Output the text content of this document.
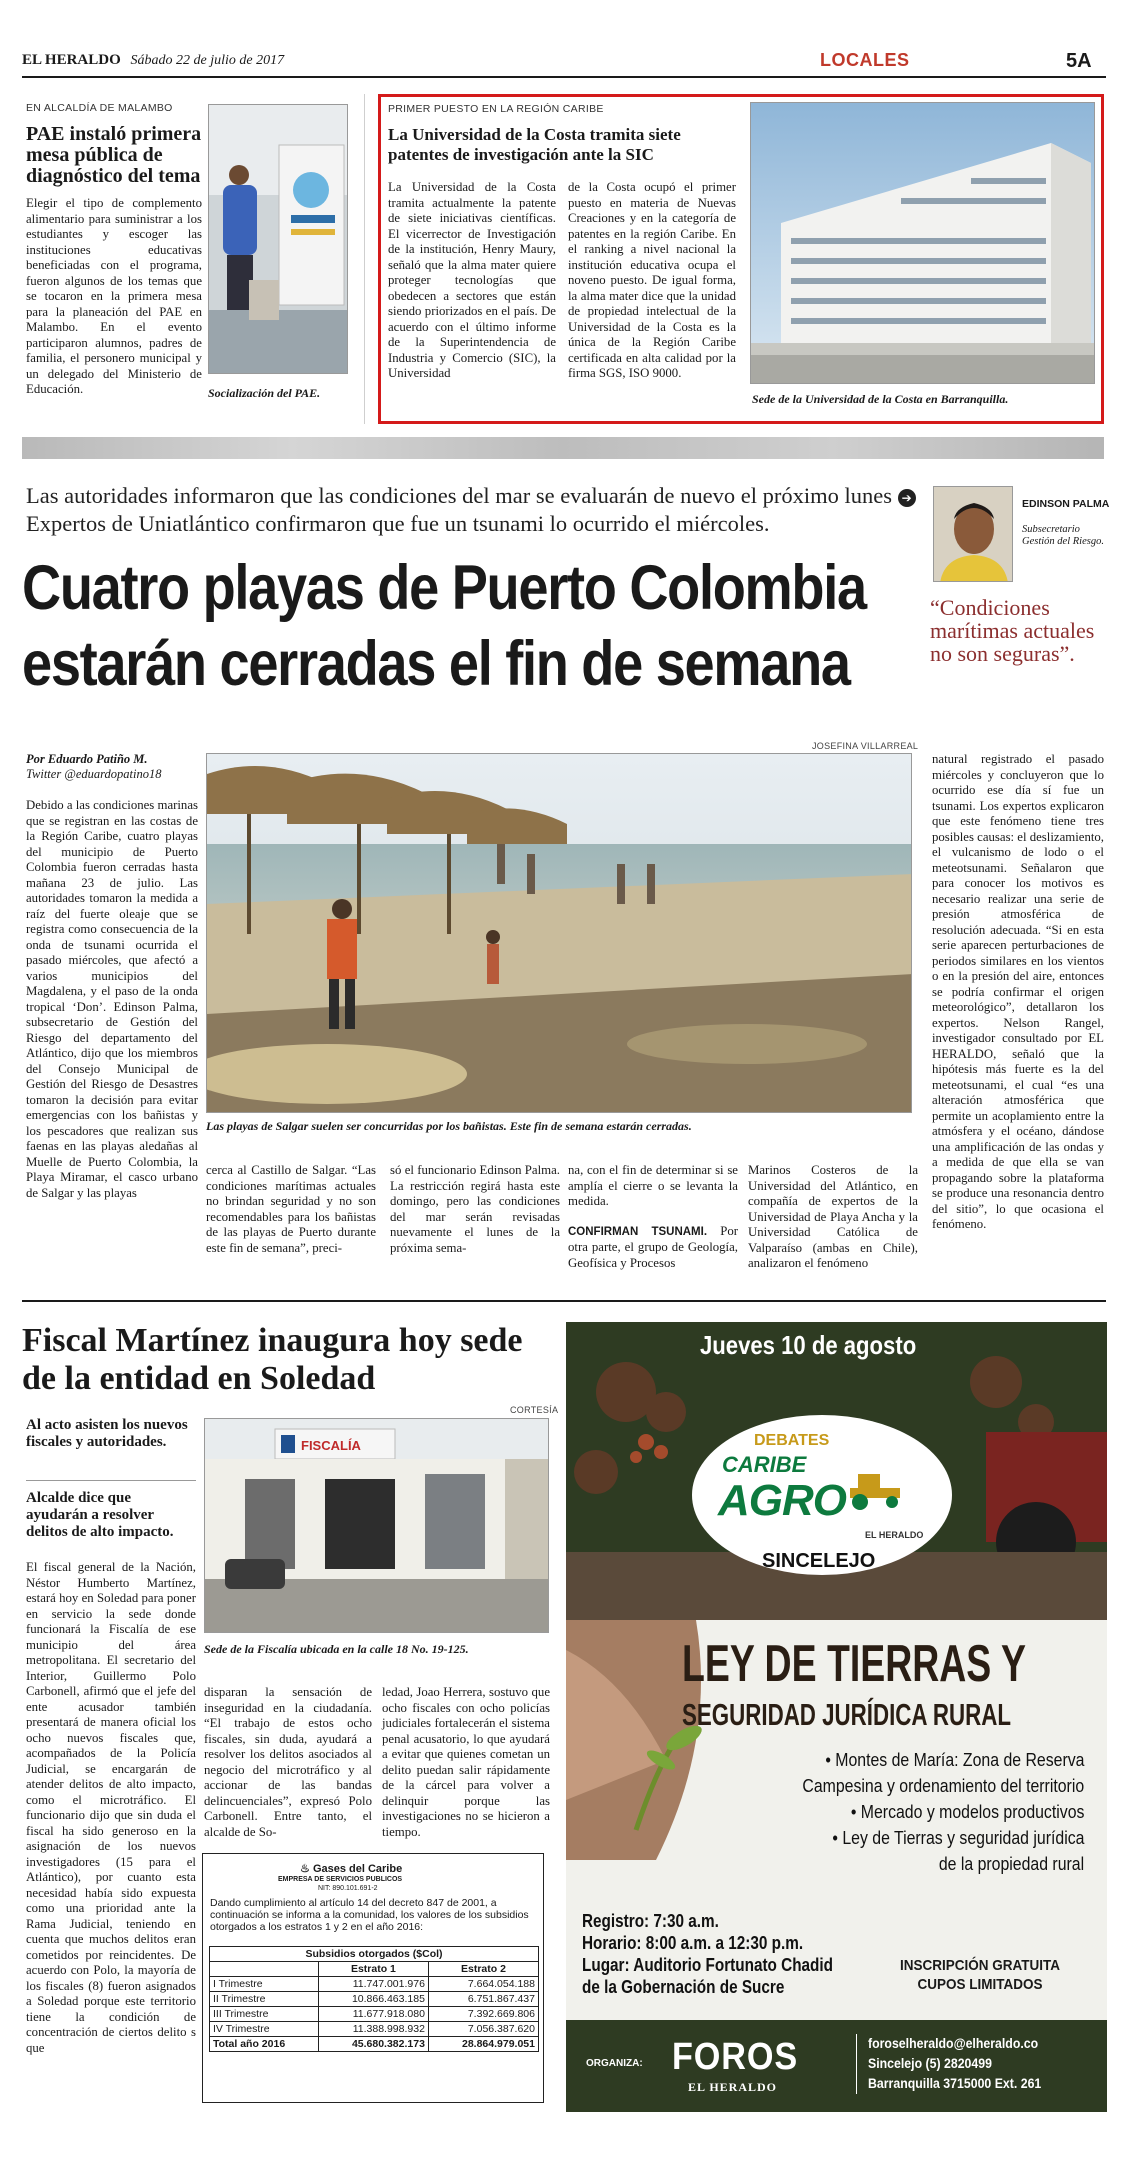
EL HERALDO Sábado 22 de julio de 2017	LOCALES	5A
EN ALCALDÍA DE MALAMBO
PAE instaló primera mesa pública de diagnóstico del tema
Elegir el tipo de complemento alimentario para suministrar a los estudiantes y escoger las instituciones educativas beneficiadas con el programa, fueron algunos de los temas que se tocaron en la primera mesa para la planeación del PAE en Malambo. En el evento participaron alumnos, padres de familia, el personero municipal y un delegado del Ministerio de Educación.	Socialización del PAE.
PRIMER PUESTO EN LA REGIÓN CARIBE
La Universidad de la Costa tramita siete patentes de investigación ante la SIC
La Universidad de la Costa tramita actualmente la patente de siete iniciativas científicas. El vicerrector de Investigación de la institución, Henry Maury, señaló que la alma mater quiere proteger tecnologías que obedecen a sectores que están siendo priorizados en el país. De acuerdo con el último informe de la Superintendencia de Industria y Comercio (SIC), la Universidad
de la Costa ocupó el primer puesto en materia de Nuevas Creaciones y en la categoría de patentes en la región Caribe. En el ranking a nivel nacional la institución educativa ocupa el noveno puesto. De igual forma, la alma mater dice que la unidad de propiedad intelectual de la Universidad de la Costa es la única de la Región Caribe certificada en alta calidad por la firma SGS, ISO 9000.
Sede de la Universidad de la Costa en Barranquilla.
Las autoridades informaron que las condiciones del mar se evaluarán de nuevo el próximo lunes ➔ Expertos de Uniatlántico confirmaron que fue un tsunami lo ocurrido el miércoles.
Cuatro playas de Puerto Colombia
estarán cerradas el fin de semana
EDINSON PALMA
Subsecretario Gestión del Riesgo.
“Condiciones marítimas actuales no son seguras”.
Por Eduardo Patiño M.
Twitter @eduardopatino18
Debido a las condiciones marinas que se registran en las costas de la Región Caribe, cuatro playas del municipio de Puerto Colombia fueron cerradas hasta mañana 23 de julio. Las autoridades tomaron la medida a raíz del fuerte oleaje que se registra como consecuencia de la onda de tsunami ocurrida el pasado miércoles, que afectó a varios municipios del Magdalena, y el paso de la onda tropical ‘Don’. Edinson Palma, subsecretario de Gestión del Riesgo del departamento del Atlántico, dijo que los miembros del Consejo Municipal de Gestión del Riesgo de Desastres tomaron la decisión para evitar emergencias con los bañistas y los pescadores que realizan sus faenas en las playas aledañas al Muelle de Puerto Colombia, la Playa Miramar, el casco urbano de Salgar y las playas
JOSEFINA VILLARREAL
Las playas de Salgar suelen ser concurridas por los bañistas. Este fin de semana estarán cerradas.
cerca al Castillo de Salgar. “Las condiciones marítimas actuales no brindan seguridad y no son recomendables para los bañistas de las playas de Puerto durante este fin de semana”, preci-
só el funcionario Edinson Palma. La restricción regirá hasta este domingo, pero las condiciones del mar serán revisadas nuevamente el lunes de la próxima sema-

na, con el fin de determinar si se amplía el cierre o se levanta la medida.

CONFIRMAN TSUNAMI. Por otra parte, el grupo de Geología, Geofísica y Procesos

Marinos Costeros de la Universidad del Atlántico, en compañía de expertos de la Universidad de Playa Ancha y la Universidad Católica de Valparaíso (ambas en Chile), analizaron el fenómeno
natural registrado el pasado miércoles y concluyeron que lo ocurrido ese día sí fue un tsunami. Los expertos explicaron que este fenómeno tiene tres posibles causas: el deslizamiento, el vulcanismo de lodo o el meteotsunami. Señalaron que para conocer los motivos es necesario realizar una serie de presión atmosférica de resolución adecuada. “Si en esta serie aparecen perturbaciones de periodos similares en los vientos o en la presión del aire, entonces se podría confirmar el origen meteorológico”, detallaron los expertos. Nelson Rangel, investigador consultado por EL HERALDO, señaló que la hipótesis más fuerte es la del meteotsunami, el cual “es una alteración atmosférica que permite un acoplamiento entre la atmósfera y el océano, dándose una amplificación de las ondas y a medida de que ella se van propagando sobre la plataforma se produce una resonancia dentro del sitio”, lo que ocasiona el fenómeno.
Fiscal Martínez inaugura hoy sede de la entidad en Soledad
Al acto asisten los nuevos fiscales y autoridades.
Alcalde dice que ayudarán a resolver delitos de alto impacto.
El fiscal general de la Nación, Néstor Humberto Martínez, estará hoy en Soledad para poner en servicio la sede donde funcionará la Fiscalía de ese municipio del área metropolitana. El secretario del Interior, Guillermo Polo Carbonell, afirmó que el jefe del ente acusador también presentará de manera oficial los ocho nuevos fiscales que, acompañados de la Policía Judicial, se encargarán de atender delitos de alto impacto, como el microtráfico. El funcionario dijo que sin duda el fiscal ha sido generoso en la asignación de los nuevos investigadores (15 para el Atlántico), por cuanto esta necesidad había sido expuesta como una prioridad ante la Rama Judicial, teniendo en cuenta que muchos delitos eran cometidos por reincidentes. De acuerdo con Polo, la mayoría de los fiscales (8) fueron asignados a Soledad porque este territorio tiene la condición de concentración de ciertos delito s que
CORTESÍA
FISCALÍA
Sede de la Fiscalía ubicada en la calle 18 No. 19-125.
disparan la sensación de inseguridad en la ciudadanía. “El trabajo de estos ocho fiscales, sin duda, ayudará a resolver los delitos asociados al negocio del microtráfico y al accionar de las bandas delincuenciales”, expresó Polo Carbonell. Entre tanto, el alcalde de So-
ledad, Joao Herrera, sostuvo que ocho fiscales con ocho policías judiciales fortalecerán el sistema penal acusatorio, lo que ayudará a evitar que quienes cometan un delito puedan salir rápidamente de la cárcel para volver a delinquir porque las investigaciones no se hicieron a tiempo.
♨ Gases del Caribe
EMPRESA DE SERVICIOS PUBLICOS
NIT: 890.101.691-2
Dando cumplimiento al artículo 14 del decreto 847 de 2001, a continuación se informa a la comunidad, los valores de los subsidios otorgados a los estratos 1 y 2 en el año 2016:
Subsidios otorgados ($Col)		
	Estrato 1	Estrato 2
I Trimestre	11.747.001.976	7.664.054.188
II Trimestre	10.866.463.185	6.751.867.437
III Trimestre	11.677.918.080	7.392.669.806
IV Trimestre	11.388.998.932	7.056.387.620
Total año 2016	45.680.382.173	28.864.979.051
Jueves 10 de agosto
DEBATES
CARIBE
AGRO
EL HERALDO
SINCELEJO
LEY DE TIERRAS Y
SEGURIDAD JURÍDICA RURAL
• Montes de María: Zona de Reserva
Campesina y ordenamiento del territorio
• Mercado y modelos productivos
• Ley de Tierras y seguridad jurídica
de la propiedad rural
Registro: 7:30 a.m.
Horario: 8:00 a.m. a 12:30 p.m.
Lugar: Auditorio Fortunato Chadid
de la Gobernación de Sucre
INSCRIPCIÓN GRATUITA
CUPOS LIMITADOS
ORGANIZA: FOROS
EL HERALDO
foroselheraldo@elheraldo.co
Sincelejo (5) 2820499
Barranquilla 3715000 Ext. 261
